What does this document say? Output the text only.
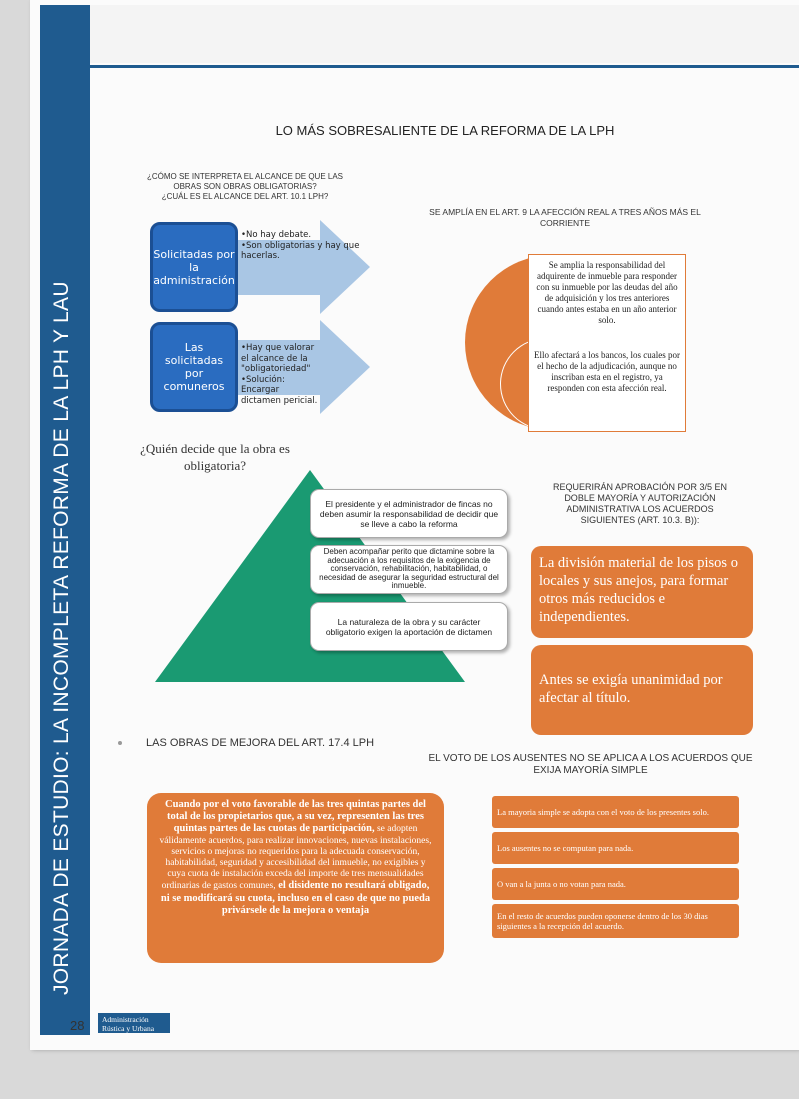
JORNADA DE ESTUDIO: LA INCOMPLETA REFORMA DE LA LPH Y LAU
28 Administración
Rústica y Urbana
LO MÁS SOBRESALIENTE DE LA REFORMA DE LA LPH
¿CÓMO SE INTERPRETA EL ALCANCE DE QUE LAS
OBRAS SON OBRAS OBLIGATORIAS?
¿CUÁL ES EL ALCANCE DEL ART. 10.1 LPH?
Solicitadas por la administración
•No hay debate.
•Son obligatorias y hay que hacerlas.
Las solicitadas por comuneros
•Hay que valorar el alcance de la "obligatoriedad"
•Solución: Encargar dictamen pericial.
SE AMPLÍA EN EL ART. 9 LA AFECCIÓN REAL A TRES AÑOS MÁS EL
CORRIENTE
Se amplia la responsabilidad del adquirente de inmueble para responder con su inmueble por las deudas del año de adquisición y los tres anteriores cuando antes estaba en un año anterior solo.
Ello afectará a los bancos, los cuales por el hecho de la adjudicación, aunque no inscriban esta en el registro, ya responden con esta afección real.
¿Quién decide que la obra es obligatoria?
El presidente y el administrador de fincas no deben asumir la responsabilidad de decidir que se lleve a cabo la reforma
Deben acompañar perito que dictamine sobre la adecuación a los requisitos de la exigencia de conservación, rehabilitación, habitabilidad, o necesidad de asegurar la seguridad estructural del inmueble.
La naturaleza de la obra y su carácter obligatorio exigen la aportación de dictamen
REQUERIRÁN APROBACIÓN POR 3/5 EN
DOBLE MAYORÍA Y AUTORIZACIÓN
ADMINISTRATIVA LOS ACUERDOS
SIGUIENTES (ART. 10.3. B)):
La división material de los pisos o locales y sus anejos, para formar otros más reducidos e independientes.
Antes se exigía unanimidad por afectar al título.
LAS OBRAS DE MEJORA DEL ART. 17.4 LPH
Cuando por el voto favorable de las tres quintas partes del total de los propietarios que, a su vez, representen las tres quintas partes de las cuotas de participación, se adopten válidamente acuerdos, para realizar innovaciones, nuevas instalaciones, servicios o mejoras no requeridos para la adecuada conservación, habitabilidad, seguridad y accesibilidad del inmueble, no exigibles y cuya cuota de instalación exceda del importe de tres mensualidades ordinarias de gastos comunes, el disidente no resultará obligado, ni se modificará su cuota, incluso en el caso de que no pueda privársele de la mejora o ventaja
EL VOTO DE LOS AUSENTES NO SE APLICA A LOS ACUERDOS QUE
EXIJA MAYORÍA SIMPLE
La mayoria simple se adopta con el voto de los presentes solo.
Los ausentes no se computan para nada.
O van a la junta o no votan para nada.
En el resto de acuerdos pueden oponerse dentro de los 30 dias siguientes a la recepción del acuerdo.
